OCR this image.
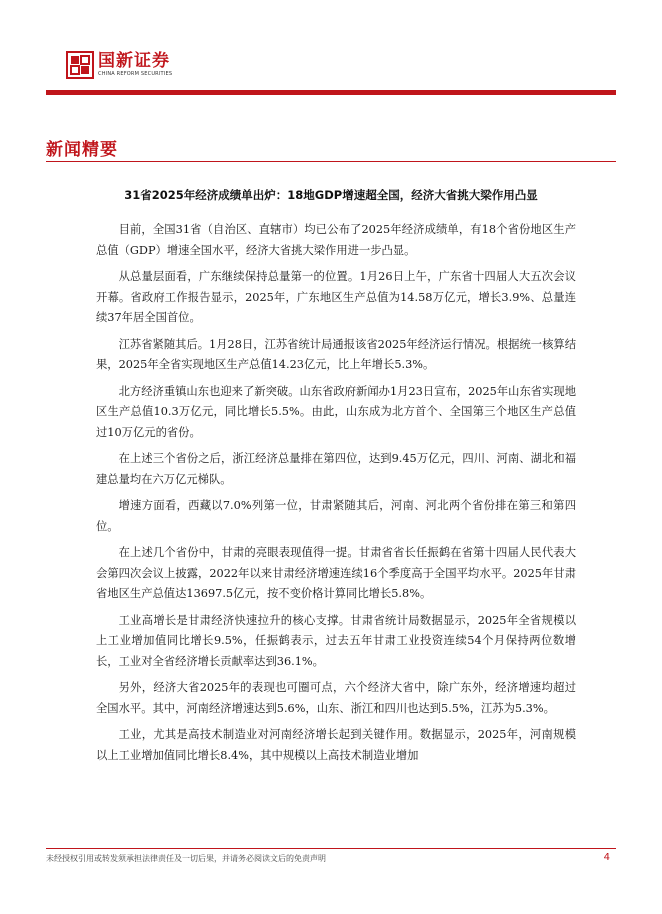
国新证券
CHINA REFORM SECURITIES
新闻精要
31省2025年经济成绩单出炉：18地GDP增速超全国，经济大省挑大梁作用凸显

目前，全国31省（自治区、直辖市）均已公布了2025年经济成绩单，有18个省份地区生产总值（GDP）增速全国水平，经济大省挑大梁作用进一步凸显。

从总量层面看，广东继续保持总量第一的位置。1月26日上午，广东省十四届人大五次会议开幕。省政府工作报告显示，2025年，广东地区生产总值为14.58万亿元，增长3.9%、总量连续37年居全国首位。

江苏省紧随其后。1月28日，江苏省统计局通报该省2025年经济运行情况。根据统一核算结果，2025年全省实现地区生产总值14.23亿元，比上年增长5.3%。

北方经济重镇山东也迎来了新突破。山东省政府新闻办1月23日宣布，2025年山东省实现地区生产总值10.3万亿元，同比增长5.5%。由此，山东成为北方首个、全国第三个地区生产总值过10万亿元的省份。

在上述三个省份之后，浙江经济总量排在第四位，达到9.45万亿元，四川、河南、湖北和福建总量均在六万亿元梯队。

增速方面看，西藏以7.0%列第一位，甘肃紧随其后，河南、河北两个省份排在第三和第四位。

在上述几个省份中，甘肃的亮眼表现值得一提。甘肃省省长任振鹤在省第十四届人民代表大会第四次会议上披露，2022年以来甘肃经济增速连续16个季度高于全国平均水平。2025年甘肃省地区生产总值达13697.5亿元，按不变价格计算同比增长5.8%。

工业高增长是甘肃经济快速拉升的核心支撑。甘肃省统计局数据显示，2025年全省规模以上工业增加值同比增长9.5%，任振鹤表示，过去五年甘肃工业投资连续54个月保持两位数增长，工业对全省经济增长贡献率达到36.1%。

另外，经济大省2025年的表现也可圈可点，六个经济大省中，除广东外，经济增速均超过全国水平。其中，河南经济增速达到5.6%，山东、浙江和四川也达到5.5%，江苏为5.3%。

工业，尤其是高技术制造业对河南经济增长起到关键作用。数据显示，2025年，河南规模以上工业增加值同比增长8.4%，其中规模以上高技术制造业增加

未经授权引用或转发须承担法律责任及一切后果，并请务必阅读文后的免责声明	4
